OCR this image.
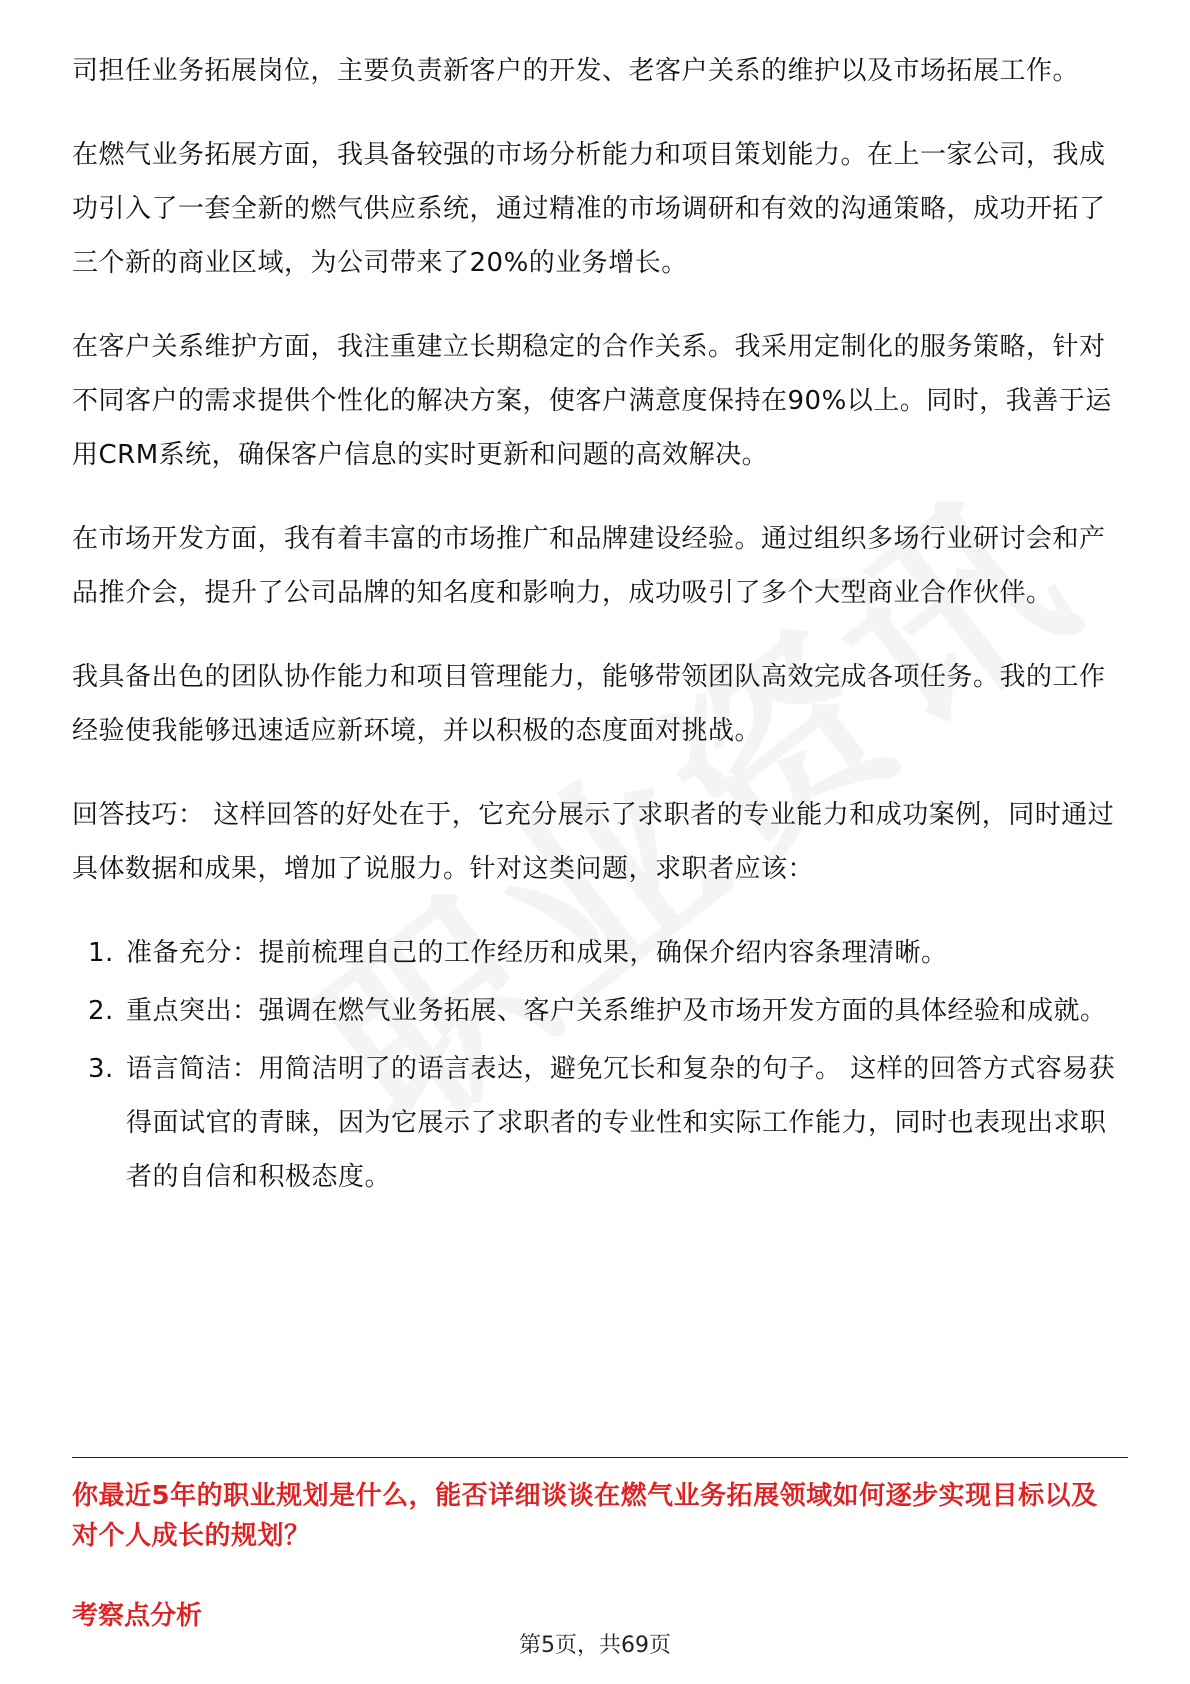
司担任业务拓展岗位，主要负责新客户的开发、老客户关系的维护以及市场拓展工作。

在燃气业务拓展方面，我具备较强的市场分析能力和项目策划能力。在上一家公司，我成功引入了一套全新的燃气供应系统，通过精准的市场调研和有效的沟通策略，成功开拓了三个新的商业区域，为公司带来了20%的业务增长。

在客户关系维护方面，我注重建立长期稳定的合作关系。我采用定制化的服务策略，针对不同客户的需求提供个性化的解决方案，使客户满意度保持在90%以上。同时，我善于运用CRM系统，确保客户信息的实时更新和问题的高效解决。

在市场开发方面，我有着丰富的市场推广和品牌建设经验。通过组织多场行业研讨会和产品推介会，提升了公司品牌的知名度和影响力，成功吸引了多个大型商业合作伙伴。

我具备出色的团队协作能力和项目管理能力，能够带领团队高效完成各项任务。我的工作经验使我能够迅速适应新环境，并以积极的态度面对挑战。

回答技巧： 这样回答的好处在于，它充分展示了求职者的专业能力和成功案例，同时通过具体数据和成果，增加了说服力。针对这类问题，求职者应该：

1. 准备充分：提前梳理自己的工作经历和成果，确保介绍内容条理清晰。
2. 重点突出：强调在燃气业务拓展、客户关系维护及市场开发方面的具体经验和成就。
3. 语言简洁：用简洁明了的语言表达，避免冗长和复杂的句子。 这样的回答方式容易获得面试官的青睐，因为它展示了求职者的专业性和实际工作能力，同时也表现出求职者的自信和积极态度。
你最近5年的职业规划是什么，能否详细谈谈在燃气业务拓展领域如何逐步实现目标以及对个人成长的规划？
考察点分析
第5页，共69页
